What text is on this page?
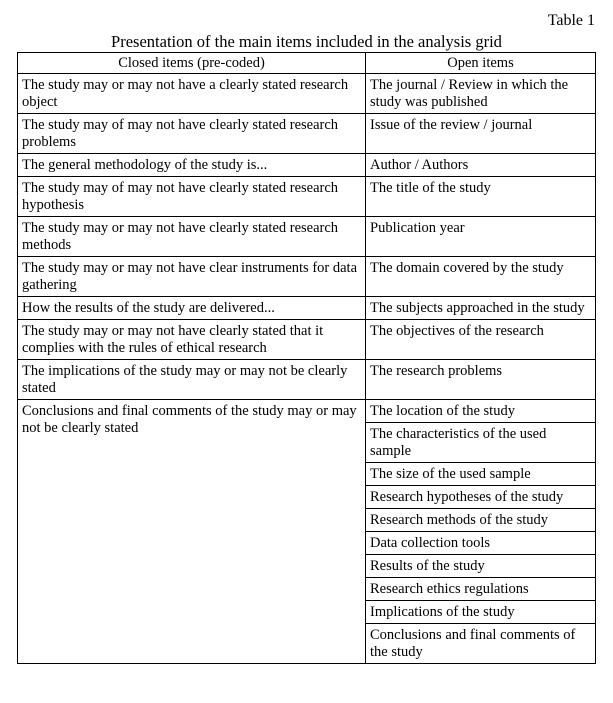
Table 1
Presentation of the main items included in the analysis grid
Closed items (pre-coded)	Open items

The study may or may not have a clearly stated research object	The journal / Review in which the study was published

The study may of may not have clearly stated research problems	Issue of the review / journal

The general methodology of the study is...	Author / Authors

The study may of may not have clearly stated research hypothesis	The title of the study

The study may or may not have clearly stated research methods	Publication year

The study may or may not have clear instruments for data gathering	The domain covered by the study

How the results of the study are delivered...	The subjects approached in the study

The study may or may not have clearly stated that it complies with the rules of ethical research	The objectives of the research

The implications of the study may or may not be clearly stated	The research problems

Conclusions and final comments of the study may or may not be clearly stated	The location of the study

	The characteristics of the used sample

	The size of the used sample

	Research hypotheses of the study

	Research methods of the study

	Data collection tools

	Results of the study

	Research ethics regulations

	Implications of the study

	Conclusions and final comments of the study
